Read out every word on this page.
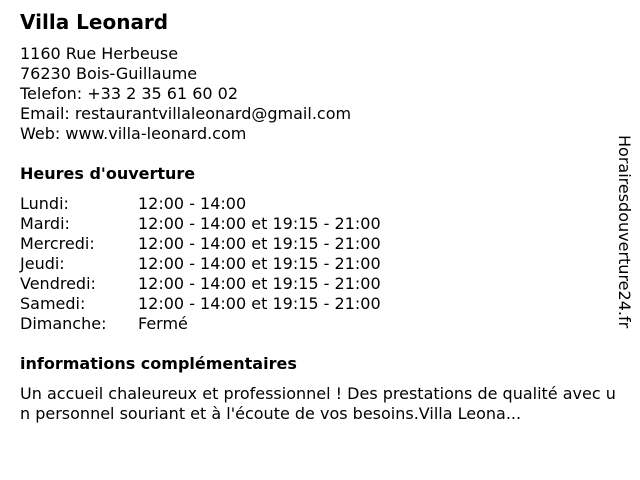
Villa Leonard
1160 Rue Herbeuse
76230 Bois-Guillaume
Telefon: +33 2 35 61 60 02
Email: restaurantvillaleonard@gmail.com
Web: www.villa-leonard.com
Heures d'ouverture
Lundi:	12:00 - 14:00
Mardi:	12:00 - 14:00 et 19:15 - 21:00
Mercredi:	12:00 - 14:00 et 19:15 - 21:00
Jeudi:	12:00 - 14:00 et 19:15 - 21:00
Vendredi:	12:00 - 14:00 et 19:15 - 21:00
Samedi:	12:00 - 14:00 et 19:15 - 21:00
Dimanche:	Fermé
informations complémentaires
Un accueil chaleureux et professionnel ! Des prestations de qualité avec un personnel souriant et à l'écoute de vos besoins.Villa Leona...
Horairesdouverture24.fr
